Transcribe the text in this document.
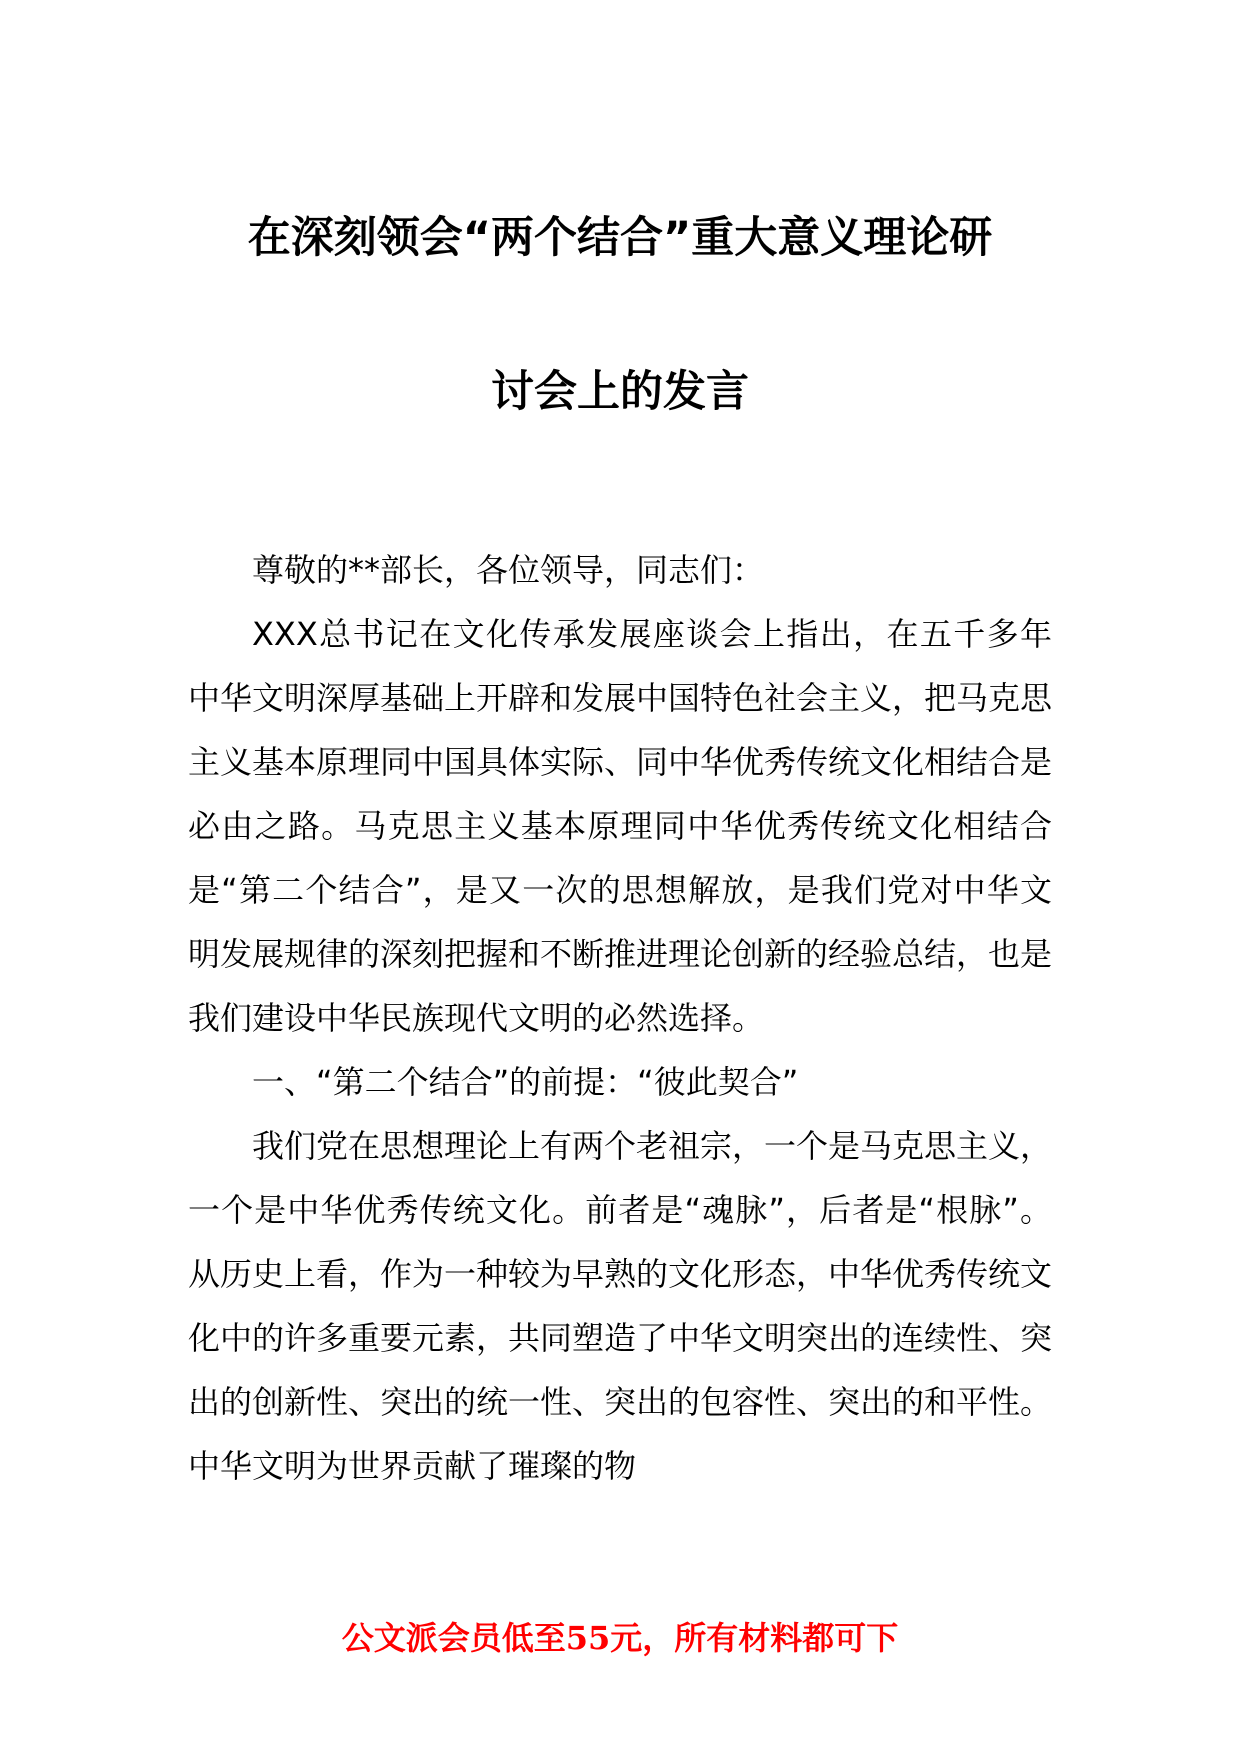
在深刻领会“两个结合”重大意义理论研
讨会上的发言

尊敬的**部长，各位领导，同志们：

XXX总书记在文化传承发展座谈会上指出，在五千多年中华文明深厚基础上开辟和发展中国特色社会主义，把马克思主义基本原理同中国具体实际、同中华优秀传统文化相结合是必由之路。马克思主义基本原理同中华优秀传统文化相结合是“第二个结合”，是又一次的思想解放，是我们党对中华文明发展规律的深刻把握和不断推进理论创新的经验总结，也是我们建设中华民族现代文明的必然选择。

一、“第二个结合”的前提：“彼此契合”

我们党在思想理论上有两个老祖宗，一个是马克思主义，一个是中华优秀传统文化。前者是“魂脉”，后者是“根脉”。从历史上看，作为一种较为早熟的文化形态，中华优秀传统文化中的许多重要元素，共同塑造了中华文明突出的连续性、突出的创新性、突出的统一性、突出的包容性、突出的和平性。中华文明为世界贡献了璀璨的物

公文派会员低至55元，所有材料都可下
